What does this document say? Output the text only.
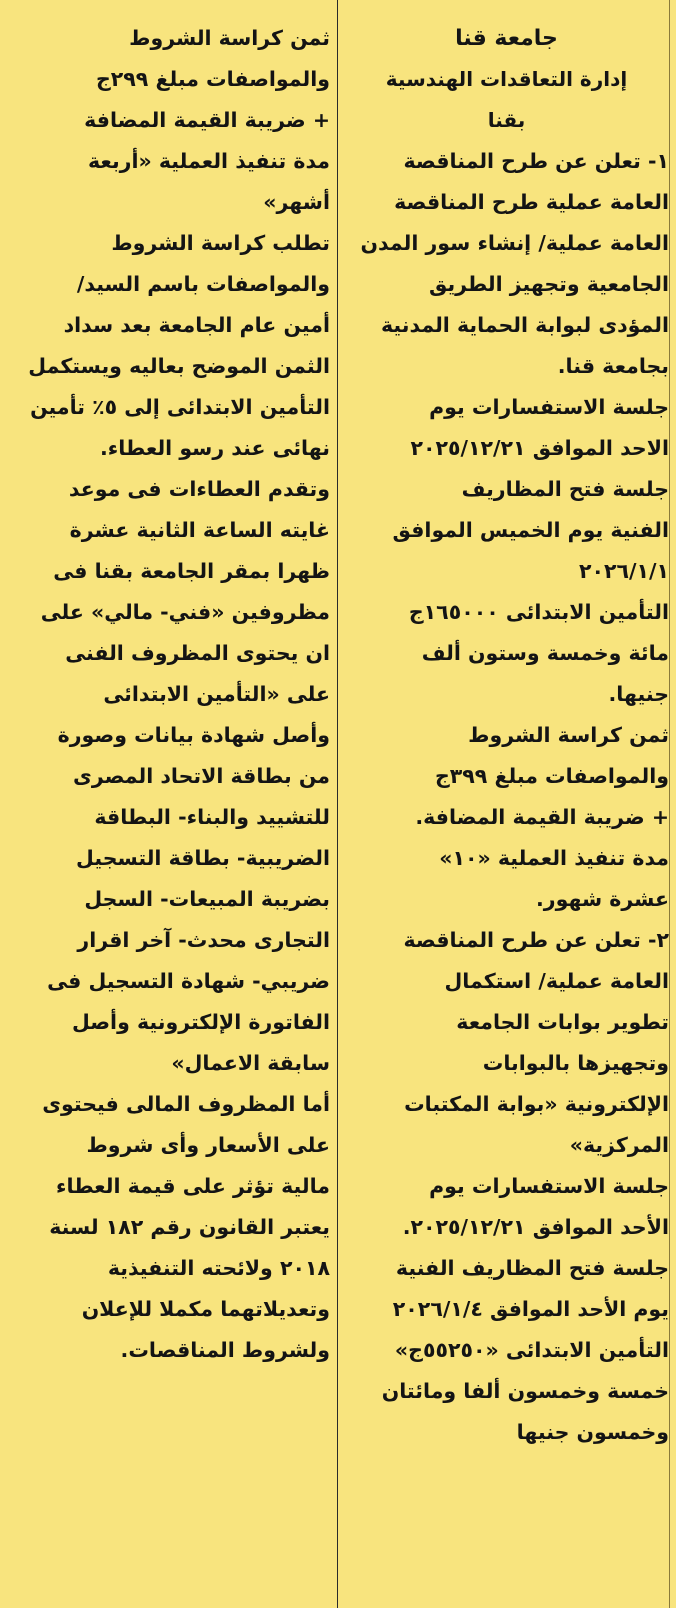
جامعة قنا
إدارة التعاقدات الهندسية
بقنا
١- تعلن عن طرح المناقصة
العامة عملية طرح المناقصة
العامة عملية/ إنشاء سور المدن
الجامعية وتجهيز الطريق
المؤدى لبوابة الحماية المدنية
بجامعة قنا.
جلسة الاستفسارات يوم
الاحد الموافق ٢٠٢٥/١٢/٢١
جلسة فتح المظاريف
الفنية يوم الخميس الموافق
٢٠٢٦/١/١
التأمين الابتدائى ١٦٥٠٠٠ج
مائة وخمسة وستون ألف
جنيها.
ثمن كراسة الشروط
والمواصفات مبلغ ٣٩٩ج
+ ضريبة القيمة المضافة.
مدة تنفيذ العملية «١٠»
عشرة شهور.
٢- تعلن عن طرح المناقصة
العامة عملية/ استكمال
تطوير بوابات الجامعة
وتجهيزها بالبوابات
الإلكترونية «بوابة المكتبات
المركزية»
جلسة الاستفسارات يوم
الأحد الموافق ٢٠٢٥/١٢/٢١.
جلسة فتح المظاريف الفنية
يوم الأحد الموافق ٢٠٢٦/١/٤
التأمين الابتدائى «٥٥٢٥٠ج»
خمسة وخمسون ألفا ومائتان
وخمسون جنيها
ثمن كراسة الشروط
والمواصفات مبلغ ٢٩٩ج
+ ضريبة القيمة المضافة
مدة تنفيذ العملية «أربعة
أشهر»
تطلب كراسة الشروط
والمواصفات باسم السيد/
أمين عام الجامعة بعد سداد
الثمن الموضح بعاليه ويستكمل
التأمين الابتدائى إلى ٥٪ تأمين
نهائى عند رسو العطاء.
وتقدم العطاءات فى موعد
غايته الساعة الثانية عشرة
ظهرا بمقر الجامعة بقنا فى
مظروفين «فني- مالي» على
ان يحتوى المظروف الفنى
على «التأمين الابتدائى
وأصل شهادة بيانات وصورة
من بطاقة الاتحاد المصرى
للتشييد والبناء- البطاقة
الضريبية- بطاقة التسجيل
بضريبة المبيعات- السجل
التجارى محدث- آخر اقرار
ضريبي- شهادة التسجيل فى
الفاتورة الإلكترونية وأصل
سابقة الاعمال»
أما المظروف المالى فيحتوى
على الأسعار وأى شروط
مالية تؤثر على قيمة العطاء
يعتبر القانون رقم ١٨٢ لسنة
٢٠١٨ ولائحته التنفيذية
وتعديلاتهما مكملا للإعلان
ولشروط المناقصات.
